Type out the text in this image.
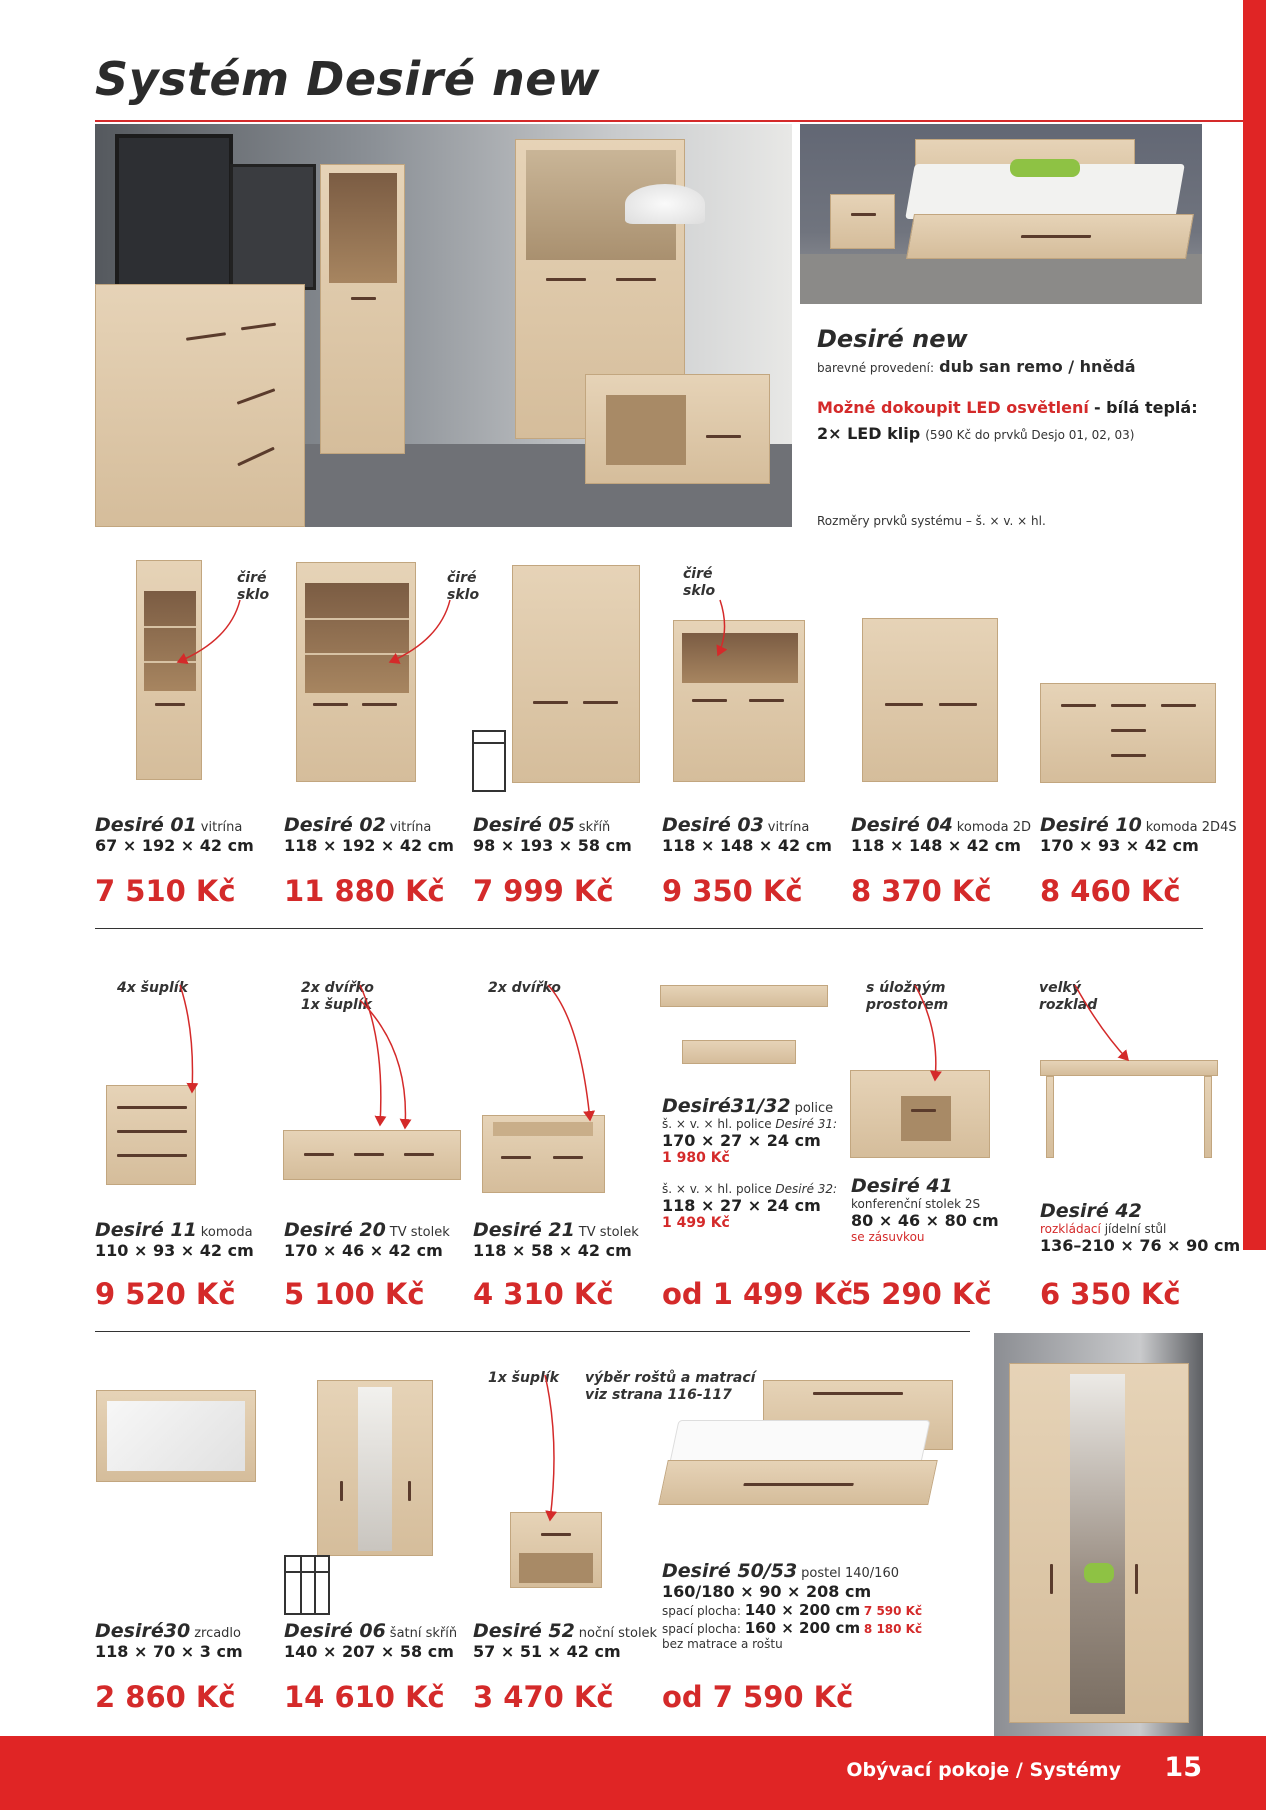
Systém Desiré new
Desiré new
barevné provedení: dub san remo / hnědá
Možné dokoupit LED osvětlení - bílá teplá:
2× LED klip (590 Kč do prvků Desjo 01, 02, 03)
Rozměry prvků systému – š. × v. × hl.
čiré sklo
čiré sklo
čiré sklo
Desiré 01 vitrína
67 × 192 × 42 cm
Desiré 02 vitrína
118 × 192 × 42 cm
Desiré 05 skříň
98 × 193 × 58 cm
Desiré 03 vitrína
118 × 148 × 42 cm
Desiré 04 komoda 2D
118 × 148 × 42 cm
Desiré 10 komoda 2D4S
170 × 93 × 42 cm
7 510 Kč 11 880 Kč 7 999 Kč 9 350 Kč 8 370 Kč 8 460 Kč
4x šuplík	2x dvířko
1x šuplík
2x dvířko	s úložným
prostorem
velký
rozklad
Desiré 11 komoda
110 × 93 × 42 cm
Desiré 20 TV stolek
170 × 46 × 42 cm
Desiré 21 TV stolek
118 × 58 × 42 cm
Desiré31/32 police
š. × v. × hl. police Desiré 31:
170 × 27 × 24 cm
1 980 Kč
š. × v. × hl. police Desiré 32:
118 × 27 × 24 cm
1 499 Kč
Desiré 41
konferenční stolek 2S
80 × 46 × 80 cm
se zásuvkou
Desiré 42
rozkládací jídelní stůl
136–210 × 76 × 90 cm
9 520 Kč 5 100 Kč 4 310 Kč od 1 499 Kč
5 290 Kč 6 350 Kč
1x šuplík výběr roštů a matrací
viz strana 116-117
Desiré30 zrcadlo
118 × 70 × 3 cm
Desiré 06 šatní skříň
140 × 207 × 58 cm
Desiré 52 noční stolek
57 × 51 × 42 cm
Desiré 50/53 postel 140/160
160/180 × 90 × 208 cm
spací plocha: 140 × 200 cm 7 590 Kč
spací plocha: 160 × 200 cm 8 180 Kč
bez matrace a roštu
2 860 Kč 14 610 Kč 3 470 Kč od 7 590 Kč
Obývací pokoje / Systémy 15
